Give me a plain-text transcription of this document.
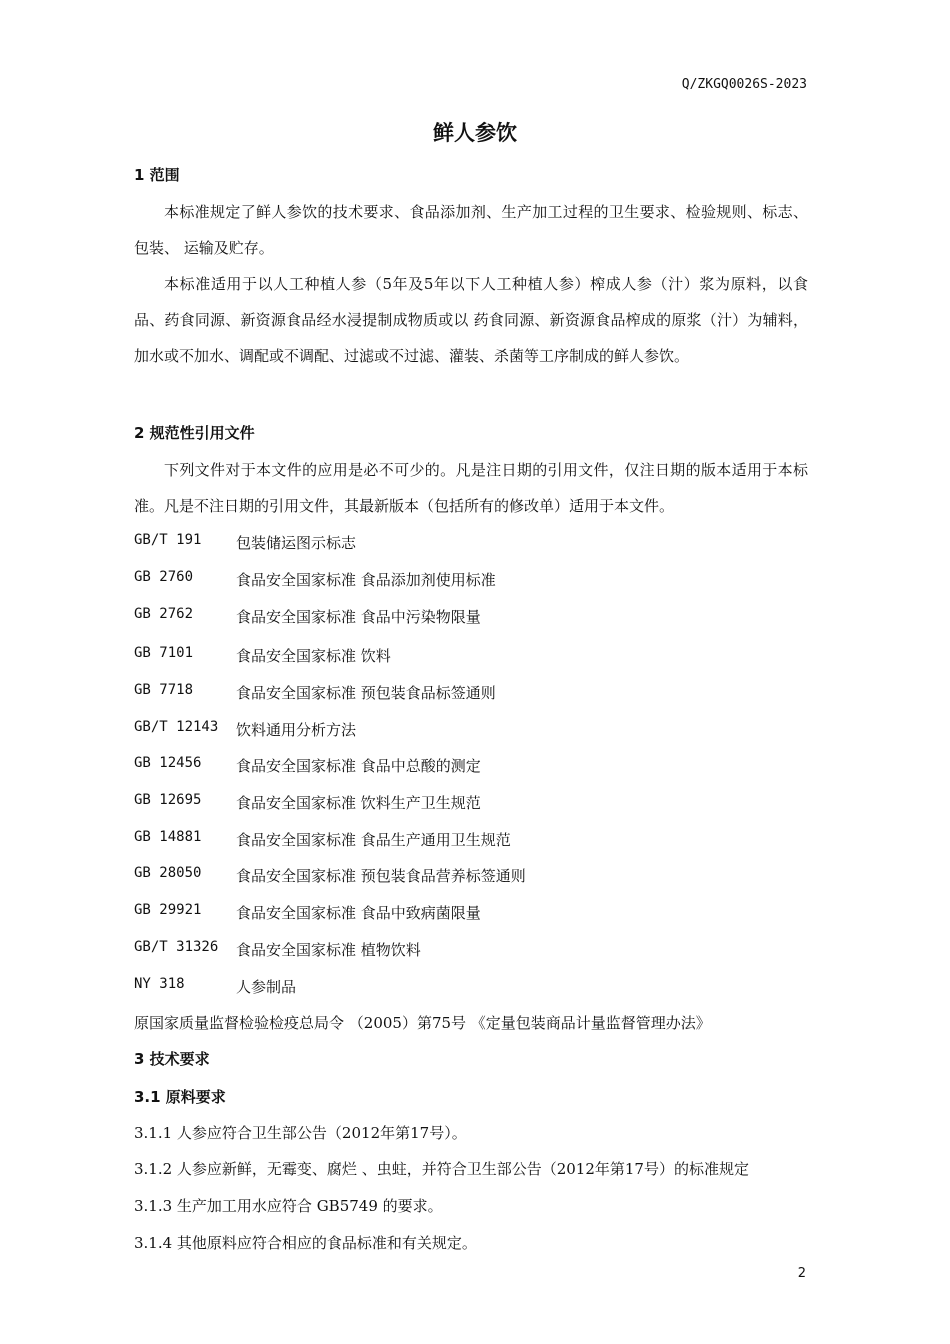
Q/ZKGQ0026S-2023
鲜人参饮
1 范围
本标准规定了鲜人参饮的技术要求、食品添加剂、生产加工过程的卫生要求、检验规则、标志、包装、 运输及贮存。
本标准适用于以人工种植人参（5年及5年以下人工种植人参）榨成人参（汁）浆为原料，以食品、药食同源、新资源食品经水浸提制成物质或以 药食同源、新资源食品榨成的原浆（汁）为辅料，加水或不加水、调配或不调配、过滤或不过滤、灌装、杀菌等工序制成的鲜人参饮。
2 规范性引用文件
下列文件对于本文件的应用是必不可少的。凡是注日期的引用文件，仅注日期的版本适用于本标准。凡是不注日期的引用文件，其最新版本（包括所有的修改单）适用于本文件。
GB/T 191 包装储运图示标志
GB 2760	食品安全国家标准 食品添加剂使用标准
GB 2762	食品安全国家标准 食品中污染物限量
GB 7101	食品安全国家标准 饮料
GB 7718	食品安全国家标准 预包装食品标签通则
GB/T 12143 饮料通用分析方法
GB 12456 食品安全国家标准 食品中总酸的测定
GB 12695 食品安全国家标准 饮料生产卫生规范
GB 14881 食品安全国家标准 食品生产通用卫生规范
GB 28050 食品安全国家标准 预包装食品营养标签通则
GB 29921 食品安全国家标准 食品中致病菌限量
GB/T 31326 食品安全国家标准 植物饮料
NY 318	人参制品
原国家质量监督检验检疫总局令 （2005）第75号 《定量包装商品计量监督管理办法》
3 技术要求
3.1 原料要求
3.1.1 人参应符合卫生部公告（2012年第17号）。
3.1.2 人参应新鲜，无霉变、腐烂 、虫蛀，并符合卫生部公告（2012年第17号）的标准规定
3.1.3 生产加工用水应符合 GB5749 的要求。
3.1.4 其他原料应符合相应的食品标准和有关规定。
2
